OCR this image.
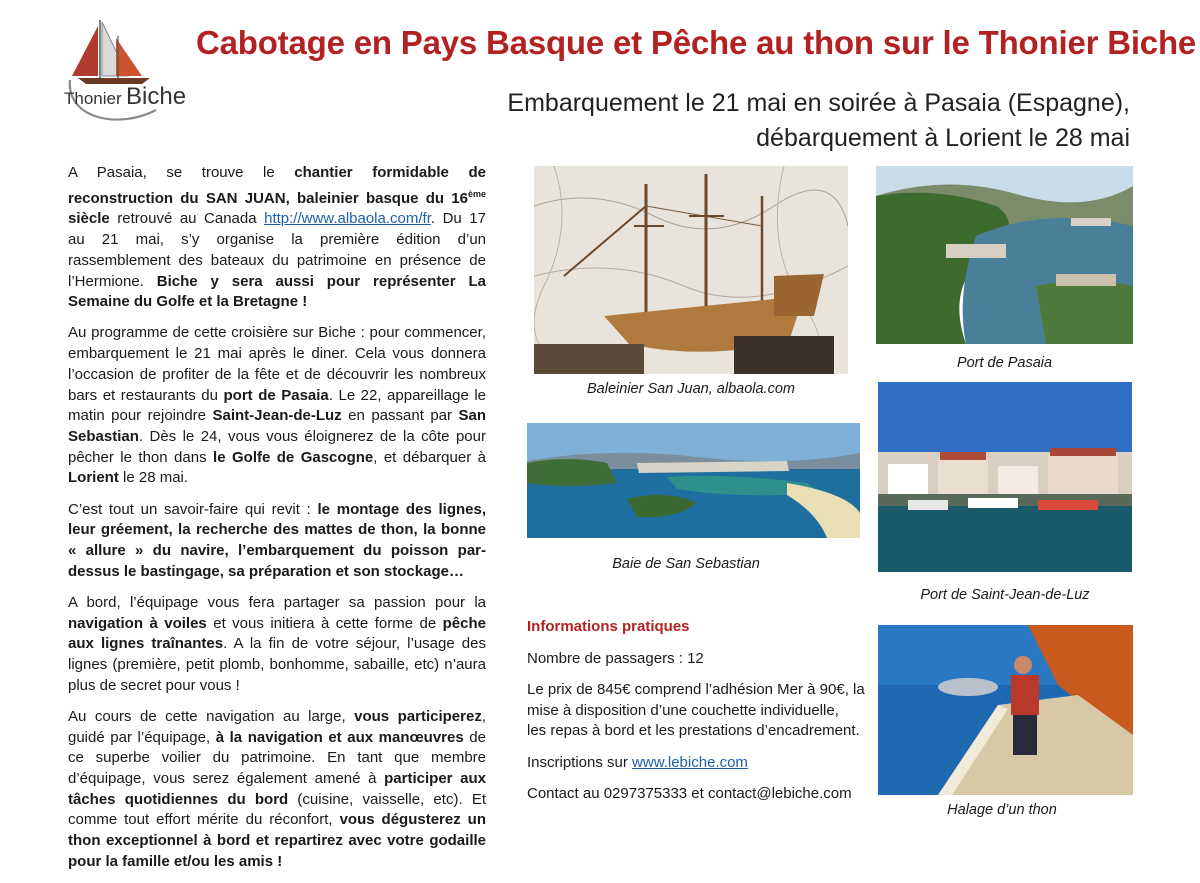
Thonier Biche
Cabotage en Pays Basque et Pêche au thon sur le Thonier Biche
Embarquement le 21 mai en soirée à Pasaia (Espagne),
débarquement à Lorient le 28 mai

A Pasaia, se trouve le chantier formidable de reconstruction du SAN JUAN, baleinier basque du 16ème siècle retrouvé au Canada http://www.albaola.com/fr. Du 17 au 21 mai, s’y organise la première édition d’un rassemblement des bateaux du patrimoine en présence de l’Hermione. Biche y sera aussi pour représenter La Semaine du Golfe et la Bretagne !

Au programme de cette croisière sur Biche : pour commencer, embarquement le 21 mai après le diner. Cela vous donnera l’occasion de profiter de la fête et de découvrir les nombreux bars et restaurants du port de Pasaia. Le 22, appareillage le matin pour rejoindre Saint-Jean-de-Luz en passant par San Sebastian. Dès le 24, vous vous éloignerez de la côte pour pêcher le thon dans le Golfe de Gascogne, et débarquer à Lorient le 28 mai.

C’est tout un savoir-faire qui revit : le montage des lignes, leur gréement, la recherche des mattes de thon, la bonne « allure » du navire, l’embarquement du poisson par-dessus le bastingage, sa préparation et son stockage…

A bord, l’équipage vous fera partager sa passion pour la navigation à voiles et vous initiera à cette forme de pêche aux lignes traînantes. A la fin de votre séjour, l’usage des lignes (première, petit plomb, bonhomme, sabaille, etc) n’aura plus de secret pour vous !

Au cours de cette navigation au large, vous participerez, guidé par l’équipage, à la navigation et aux manœuvres de ce superbe voilier du patrimoine. En tant que membre d’équipage, vous serez également amené à participer aux tâches quotidiennes du bord (cuisine, vaisselle, etc). Et comme tout effort mérite du réconfort, vous dégusterez un thon exceptionnel à bord et repartirez avec votre godaille pour la famille et/ou les amis !

Baleinier San Juan, albaola.com
Port de Pasaia
Baie de San Sebastian
Port de Saint-Jean-de-Luz
Halage d’un thon

Informations pratiques

Nombre de passagers : 12

Le prix de 845€ comprend l’adhésion Mer à 90€, la
mise à disposition d’une couchette individuelle,
les repas à bord et les prestations d’encadrement.

Inscriptions sur www.lebiche.com

Contact au 0297375333 et contact@lebiche.com
